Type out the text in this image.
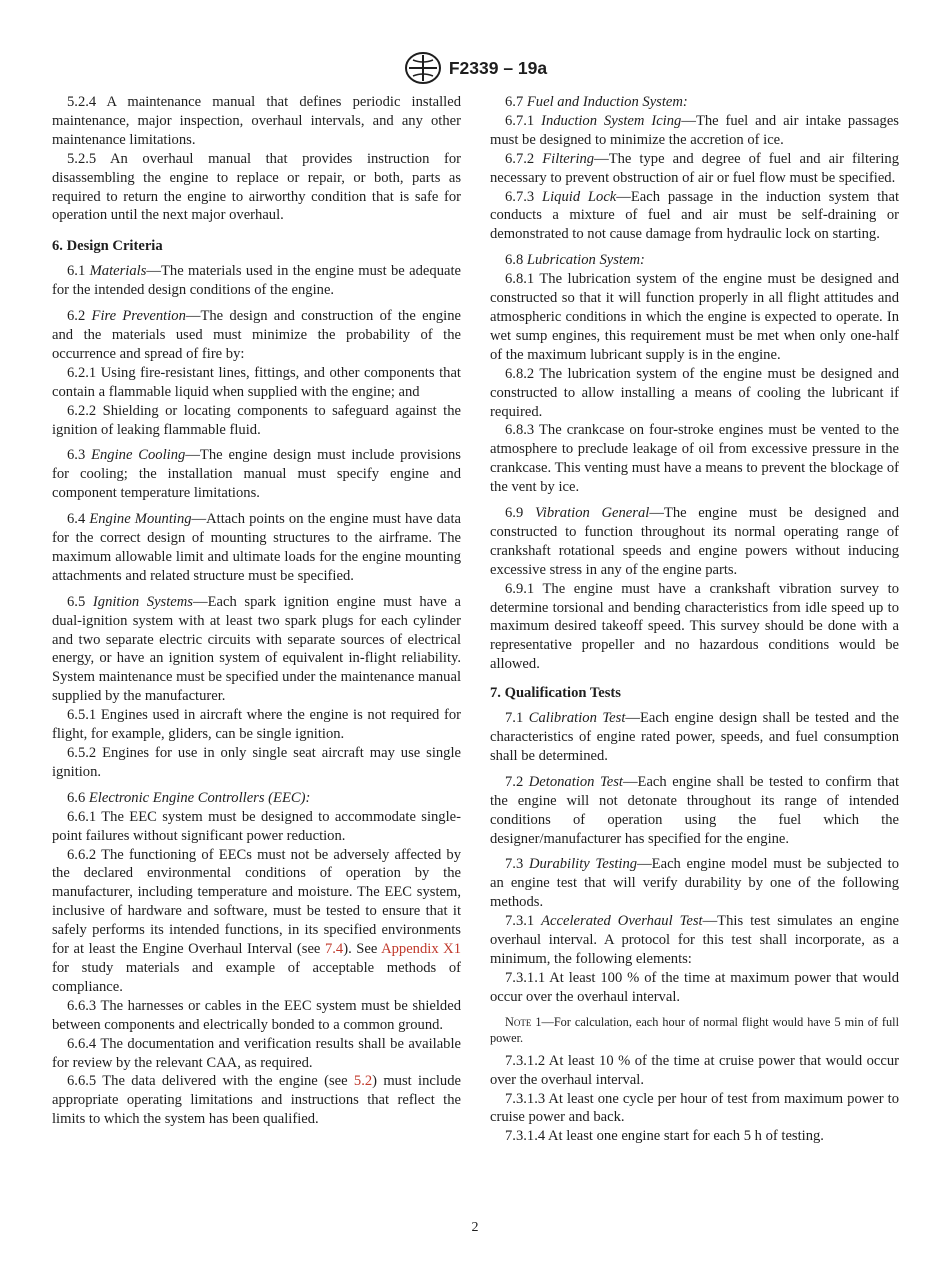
F2339 – 19a

5.2.4 A maintenance manual that defines periodic installed maintenance, major inspection, overhaul intervals, and any other maintenance limitations.

5.2.5 An overhaul manual that provides instruction for disassembling the engine to replace or repair, or both, parts as required to return the engine to airworthy condition that is safe for operation until the next major overhaul.

6. Design Criteria

6.1 Materials—The materials used in the engine must be adequate for the intended design conditions of the engine.

6.2 Fire Prevention—The design and construction of the engine and the materials used must minimize the probability of the occurrence and spread of fire by:

6.2.1 Using fire-resistant lines, fittings, and other components that contain a flammable liquid when supplied with the engine; and

6.2.2 Shielding or locating components to safeguard against the ignition of leaking flammable fluid.

6.3 Engine Cooling—The engine design must include provisions for cooling; the installation manual must specify engine and component temperature limitations.

6.4 Engine Mounting—Attach points on the engine must have data for the correct design of mounting structures to the airframe. The maximum allowable limit and ultimate loads for the engine mounting attachments and related structure must be specified.

6.5 Ignition Systems—Each spark ignition engine must have a dual-ignition system with at least two spark plugs for each cylinder and two separate electric circuits with separate sources of electrical energy, or have an ignition system of equivalent in-flight reliability. System maintenance must be specified under the maintenance manual supplied by the manufacturer.

6.5.1 Engines used in aircraft where the engine is not required for flight, for example, gliders, can be single ignition.

6.5.2 Engines for use in only single seat aircraft may use single ignition.

6.6 Electronic Engine Controllers (EEC):

6.6.1 The EEC system must be designed to accommodate single-point failures without significant power reduction.

6.6.2 The functioning of EECs must not be adversely affected by the declared environmental conditions of operation by the manufacturer, including temperature and moisture. The EEC system, inclusive of hardware and software, must be tested to ensure that it safely performs its intended functions, in its specified environments for at least the Engine Overhaul Interval (see 7.4). See Appendix X1 for study materials and example of acceptable methods of compliance.

6.6.3 The harnesses or cables in the EEC system must be shielded between components and electrically bonded to a common ground.

6.6.4 The documentation and verification results shall be available for review by the relevant CAA, as required.

6.6.5 The data delivered with the engine (see 5.2) must include appropriate operating limitations and instructions that reflect the limits to which the system has been qualified.

6.7 Fuel and Induction System:

6.7.1 Induction System Icing—The fuel and air intake passages must be designed to minimize the accretion of ice.

6.7.2 Filtering—The type and degree of fuel and air filtering necessary to prevent obstruction of air or fuel flow must be specified.

6.7.3 Liquid Lock—Each passage in the induction system that conducts a mixture of fuel and air must be self-draining or demonstrated to not cause damage from hydraulic lock on starting.

6.8 Lubrication System:

6.8.1 The lubrication system of the engine must be designed and constructed so that it will function properly in all flight attitudes and atmospheric conditions in which the engine is expected to operate. In wet sump engines, this requirement must be met when only one-half of the maximum lubricant supply is in the engine.

6.8.2 The lubrication system of the engine must be designed and constructed to allow installing a means of cooling the lubricant if required.

6.8.3 The crankcase on four-stroke engines must be vented to the atmosphere to preclude leakage of oil from excessive pressure in the crankcase. This venting must have a means to prevent the blockage of the vent by ice.

6.9 Vibration General—The engine must be designed and constructed to function throughout its normal operating range of crankshaft rotational speeds and engine powers without inducing excessive stress in any of the engine parts.

6.9.1 The engine must have a crankshaft vibration survey to determine torsional and bending characteristics from idle speed up to maximum desired takeoff speed. This survey should be done with a representative propeller and no hazardous conditions would be allowed.

7. Qualification Tests

7.1 Calibration Test—Each engine design shall be tested and the characteristics of engine rated power, speeds, and fuel consumption shall be determined.

7.2 Detonation Test—Each engine shall be tested to confirm that the engine will not detonate throughout its range of intended conditions of operation using the fuel which the designer/manufacturer has specified for the engine.

7.3 Durability Testing—Each engine model must be subjected to an engine test that will verify durability by one of the following methods.

7.3.1 Accelerated Overhaul Test—This test simulates an engine overhaul interval. A protocol for this test shall incorporate, as a minimum, the following elements:

7.3.1.1 At least 100 % of the time at maximum power that would occur over the overhaul interval.

Note 1—For calculation, each hour of normal flight would have 5 min of full power.

7.3.1.2 At least 10 % of the time at cruise power that would occur over the overhaul interval.

7.3.1.3 At least one cycle per hour of test from maximum power to cruise power and back.

7.3.1.4 At least one engine start for each 5 h of testing.

2
